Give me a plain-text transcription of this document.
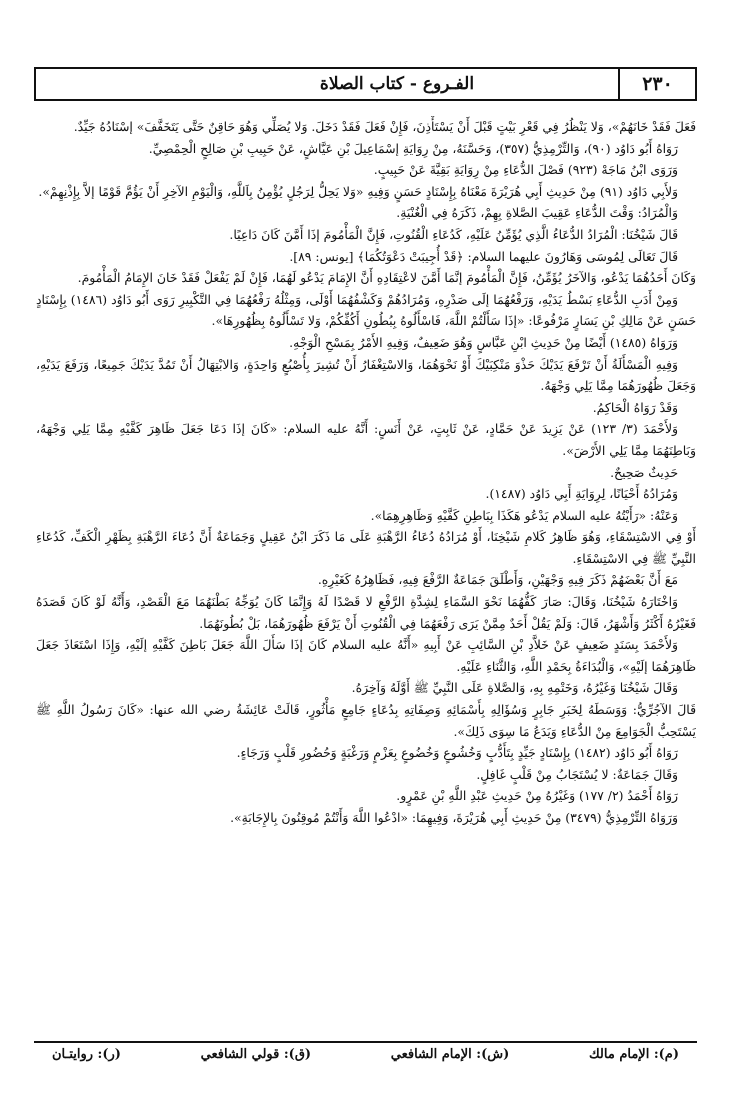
٢٣٠
الفـروع - كتاب الصلاة

فَعَلَ فَقَدْ خَانَهُمْ»، وَلا يَنْظُرُ فِي قَعْرِ بَيْتٍ قَبْلَ أَنْ يَسْتَأْذِنَ، فَإِنْ فَعَلَ فَقَدْ دَخَلَ. وَلا يُصَلِّي وَهُوَ حَاقِنٌ حَتَّى يَتَخَفَّفَ» إسْنَادُهُ جَيِّدٌ.

رَوَاهُ أَبُو دَاوُد (٩٠)، وَالتِّرْمِذِيُّ (٣٥٧)، وَحَسَّنَهُ، مِنْ رِوَايَةِ إسْمَاعِيلَ بْنِ عَيَّاشٍ، عَنْ حَبِيبِ بْنِ صَالِحٍ الْحِمْصِيِّ.

وَرَوَى ابْنُ مَاجَهْ (٩٢٣) فَصْلَ الدُّعَاءِ مِنْ رِوَايَةِ بَقِيَّةَ عَنْ حَبِيبٍ.

وَلأَبِي دَاوُد (٩١) مِنْ حَدِيثِ أَبِي هُرَيْرَةَ مَعْنَاهُ بِإِسْنَادٍ حَسَنٍ وَفِيهِ «وَلا يَحِلُّ لِرَجُلٍ يُؤْمِنُ بِاَللَّهِ، وَالْيَوْمِ الآخِرِ أَنْ يَؤُمَّ قَوْمًا إلاَّ بِإِذْنِهِمْ».

وَالْمُرَادُ: وَقْتَ الدُّعَاءِ عَقِيبَ الصَّلاةِ بِهِمْ، ذَكَرَهُ فِي الْغُنْيَةِ.

قَالَ شَيْخُنَا: الْمُرَادُ الدُّعَاءُ الَّذِي يُؤَمِّنُ عَلَيْهِ، كَدُعَاءِ الْقُنُوتِ، فَإِنَّ الْمَأْمُومَ إذَا أَمَّنَ كَانَ دَاعِيًا.

قَالَ تَعَالَى لِمُوسَى وَهَارُونَ عليهما السلام: ﴿قَدْ أُجِيبَتْ دَعْوَتُكُمَا﴾ [يونس: ٨٩].

وَكَانَ أَحَدُهُمَا يَدْعُو، وَالآخَرُ يُؤَمِّنُ، فَإِنَّ الْمَأْمُومَ إنَّمَا أَمَّنَ لاعْتِقَادِهِ أَنَّ الإِمَامَ يَدْعُو لَهُمَا، فَإِنْ لَمْ يَفْعَلْ فَقَدْ خَانَ الإِمَامُ الْمَأْمُومَ.

وَمِنْ أَدَبِ الدُّعَاءِ بَسْطُ يَدَيْهِ، وَرَفْعُهُمَا إلَى صَدْرِهِ، وَمُرَادُهُمْ وَكَشْفُهُمَا أَوْلَى، وَمِثْلُهُ رَفْعُهُمَا فِي التَّكْبِيرِ رَوَى أَبُو دَاوُد (١٤٨٦) بِإِسْنَادٍ حَسَنٍ عَنْ مَالِكِ بْنِ يَسَارٍ مَرْفُوعًا: «إذَا سَأَلْتُمْ اللَّهَ، فَاسْأَلُوهُ بِبُطُونِ أَكُفِّكُمْ، وَلا تَسْأَلُوهُ بِظُهُورِهَا».

وَرَوَاهُ (١٤٨٥) أَيْضًا مِنْ حَدِيثِ ابْنِ عَبَّاسٍ وَهُوَ ضَعِيفٌ، وَفِيهِ الأَمْرُ بِمَسْحِ الْوَجْهِ.

وَفِيهِ الْمَسْأَلَةُ أَنْ تَرْفَعَ يَدَيْكَ حَذْوَ مَنْكِبَيْكَ أَوْ نَحْوَهُمَا، وَالاسْتِغْفَارُ أَنْ تُشِيرَ بِأُصْبُعٍ وَاحِدَةٍ، وَالابْتِهَالُ أَنْ تَمُدَّ يَدَيْكَ جَمِيعًا، وَرَفَعَ يَدَيْهِ، وَجَعَلَ ظُهُورَهُمَا مِمَّا يَلِي وَجْهَهُ.

وَقَدْ رَوَاهُ الْحَاكِمُ.

وَلأَحْمَدَ (٣/ ١٢٣) عَنْ يَزِيدَ عَنْ حَمَّادٍ، عَنْ ثَابِتٍ، عَنْ أَنَسٍ: أَنَّهُ عليه السلام: «كَانَ إذَا دَعَا جَعَلَ ظَاهِرَ كَفَّيْهِ مِمَّا يَلِي وَجْهَهُ، وَبَاطِنَهُمَا مِمَّا يَلِي الأَرْضَ».

حَدِيثٌ صَحِيحٌ.

وَمُرَادُهُ أَحْيَانًا، لِرِوَايَةِ أَبِي دَاوُد (١٤٨٧).

وَعَنْهُ: «رَأَيْتُهُ عليه السلام يَدْعُو هَكَذَا بِبَاطِنِ كَفَّيْهِ وَظَاهِرِهِمَا».

أَوْ فِي الاسْتِسْقَاءِ، وَهُوَ ظَاهِرُ كَلامِ شَيْخِنَا، أَوْ مُرَادُهُ دُعَاءُ الرَّهْبَةِ عَلَى مَا ذَكَرَ ابْنُ عَقِيلٍ وَجَمَاعَةٌ أَنَّ دُعَاءَ الرَّهْبَةِ بِظَهْرِ الْكَفِّ، كَدُعَاءِ النَّبِيِّ ﷺ فِي الاسْتِسْقَاءِ.

مَعَ أَنَّ بَعْضَهُمْ ذَكَرَ فِيهِ وَجْهَيْنِ، وَأَطْلَقَ جَمَاعَةٌ الرَّفْعَ فِيهِ، فَظَاهِرُهُ كَغَيْرِهِ.

وَاخْتَارَهُ شَيْخُنَا، وَقَالَ: صَارَ كَفُّهُمَا نَحْوَ السَّمَاءِ لِشِدَّةِ الرَّفْعِ لا قَصْدًا لَهُ وَإِنَّمَا كَانَ يُوَجِّهُ بَطْنَهُمَا مَعَ الْقَصْدِ، وَأَنَّهُ لَوْ كَانَ قَصَدَهُ فَغَيْرُهُ أَكْثَرُ وَأَشْهَرُ، قَالَ: وَلَمْ يَقُلْ أَحَدٌ مِمَّنْ يَرَى رَفْعَهُمَا فِي الْقُنُوتِ أَنْ يَرْفَعَ ظُهُورَهُمَا، بَلْ بُطُونَهُمَا.

وَلأَحْمَدَ بِسَنَدٍ ضَعِيفٍ عَنْ خَلاَّدِ بْنِ السَّائِبِ عَنْ أَبِيهِ «أَنَّهُ عليه السلام كَانَ إذَا سَأَلَ اللَّهَ جَعَلَ بَاطِنَ كَفَّيْهِ إلَيْهِ، وَإِذَا اسْتَعَاذَ جَعَلَ ظَاهِرَهُمَا إلَيْهِ»، وَالْبُدَاءَةُ بِحَمْدِ اللَّهِ، وَالثَّنَاءِ عَلَيْهِ.

وَقَالَ شَيْخُنَا وَغَيْرُهُ، وَخَتْمِهِ بِهِ، وَالصَّلاةِ عَلَى النَّبِيِّ ﷺ أَوَّلَهُ وَآخِرَهُ.

قَالَ الآجُرِّيُّ: وَوَسَطَهُ لِخَبَرِ جَابِرٍ وَسُؤَالِهِ بِأَسْمَائِهِ وَصِفَاتِهِ بِدُعَاءٍ جَامِعٍ مَأْثُورٍ، قَالَتْ عَائِشَةُ رضي الله عنها: «كَانَ رَسُولُ اللَّهِ ﷺ يَسْتَحِبُّ الْجَوَامِعَ مِنْ الدُّعَاءِ وَيَدَعُ مَا سِوَى ذَلِكَ».

رَوَاهُ أَبُو دَاوُد (١٤٨٢) بِإِسْنَادٍ جَيِّدٍ بِتَأَدُّبٍ وَخُشُوعٍ وَخُضُوعٍ بِعَزْمٍ وَرَغْبَةٍ وَحُضُورِ قَلْبٍ وَرَجَاءٍ.

وَقَالَ جَمَاعَةٌ: لا يُسْتَجَابُ مِنْ قَلْبٍ غَافِلٍ.

رَوَاهُ أَحْمَدُ (٢/ ١٧٧) وَغَيْرُهُ مِنْ حَدِيثِ عَبْدِ اللَّهِ بْنِ عَمْرٍو.

وَرَوَاهُ التِّرْمِذِيُّ (٣٤٧٩) مِنْ حَدِيثِ أَبِي هُرَيْرَةَ، وَفِيهِمَا: «ادْعُوا اللَّهَ وَأَنْتُمْ مُوقِنُونَ بِالإِجَابَةِ».

(م): الإمام مالك
(ش): الإمام الشافعي
(ق): قولي الشافعي
(ر): روايتـان
